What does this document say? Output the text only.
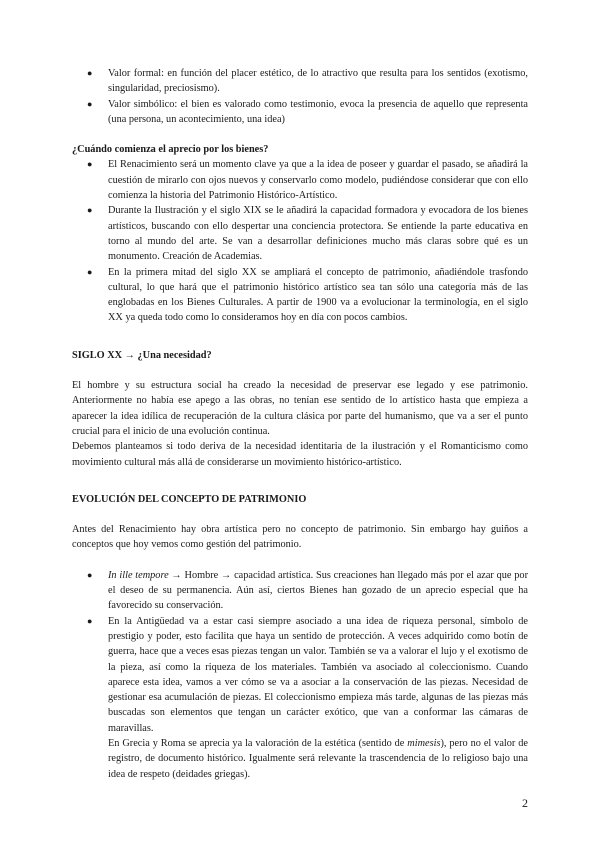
● Valor formal: en función del placer estético, de lo atractivo que resulta para los sentidos (exotismo, singularidad, preciosismo).
● Valor simbólico: el bien es valorado como testimonio, evoca la presencia de aquello que representa (una persona, un acontecimiento, una idea)

¿Cuándo comienza el aprecio por los bienes?

● El Renacimiento será un momento clave ya que a la idea de poseer y guardar el pasado, se añadirá la cuestión de mirarlo con ojos nuevos y conservarlo como modelo, pudiéndose considerar que con ello comienza la historia del Patrimonio Histórico-Artístico.
● Durante la Ilustración y el siglo XIX se le añadirá la capacidad formadora y evocadora de los bienes artísticos, buscando con ello despertar una conciencia protectora. Se entiende la parte educativa en torno al mundo del arte. Se van a desarrollar definiciones mucho más claras sobre qué es un monumento. Creación de Academias.
● En la primera mitad del siglo XX se ampliará el concepto de patrimonio, añadiéndole trasfondo cultural, lo que hará que el patrimonio histórico artístico sea tan sólo una categoría más de las englobadas en los Bienes Culturales. A partir de 1900 va a evolucionar la terminología, en el siglo XX ya queda todo como lo consideramos hoy en día con pocos cambios.

SIGLO XX → ¿Una necesidad?

El hombre y su estructura social ha creado la necesidad de preservar ese legado y ese patrimonio. Anteriormente no había ese apego a las obras, no tenían ese sentido de lo artístico hasta que empieza a aparecer la idea idílica de recuperación de la cultura clásica por parte del humanismo, que va a ser el punto crucial para el inicio de una evolución continua.

Debemos planteamos si todo deriva de la necesidad identitaria de la ilustración y el Romanticismo como movimiento cultural más allá de considerarse un movimiento histórico-artístico.

EVOLUCIÓN DEL CONCEPTO DE PATRIMONIO

Antes del Renacimiento hay obra artística pero no concepto de patrimonio. Sin embargo hay guiños a conceptos que hoy vemos como gestión del patrimonio.

● In ille tempore → Hombre → capacidad artística. Sus creaciones han llegado más por el azar que por el deseo de su permanencia. Aún así, ciertos Bienes han gozado de un aprecio especial que ha favorecido su conservación.
● En la Antigüedad va a estar casi siempre asociado a una idea de riqueza personal, símbolo de prestigio y poder, esto facilita que haya un sentido de protección. A veces adquirido como botín de guerra, hace que a veces esas piezas tengan un valor. También se va a valorar el lujo y el exotismo de la pieza, así como la riqueza de los materiales. También va asociado al coleccionismo. Cuando aparece esta idea, vamos a ver cómo se va a asociar a la conservación de las piezas. Necesidad de gestionar esa acumulación de piezas. El coleccionismo empieza más tarde, algunas de las piezas más buscadas son elementos que tengan un carácter exótico, que van a conformar las cámaras de maravillas.
En Grecia y Roma se aprecia ya la valoración de la estética (sentido de mimesis), pero no el valor de registro, de documento histórico. Igualmente será relevante la trascendencia de lo religioso bajo una idea de respeto (deidades griegas).
2
